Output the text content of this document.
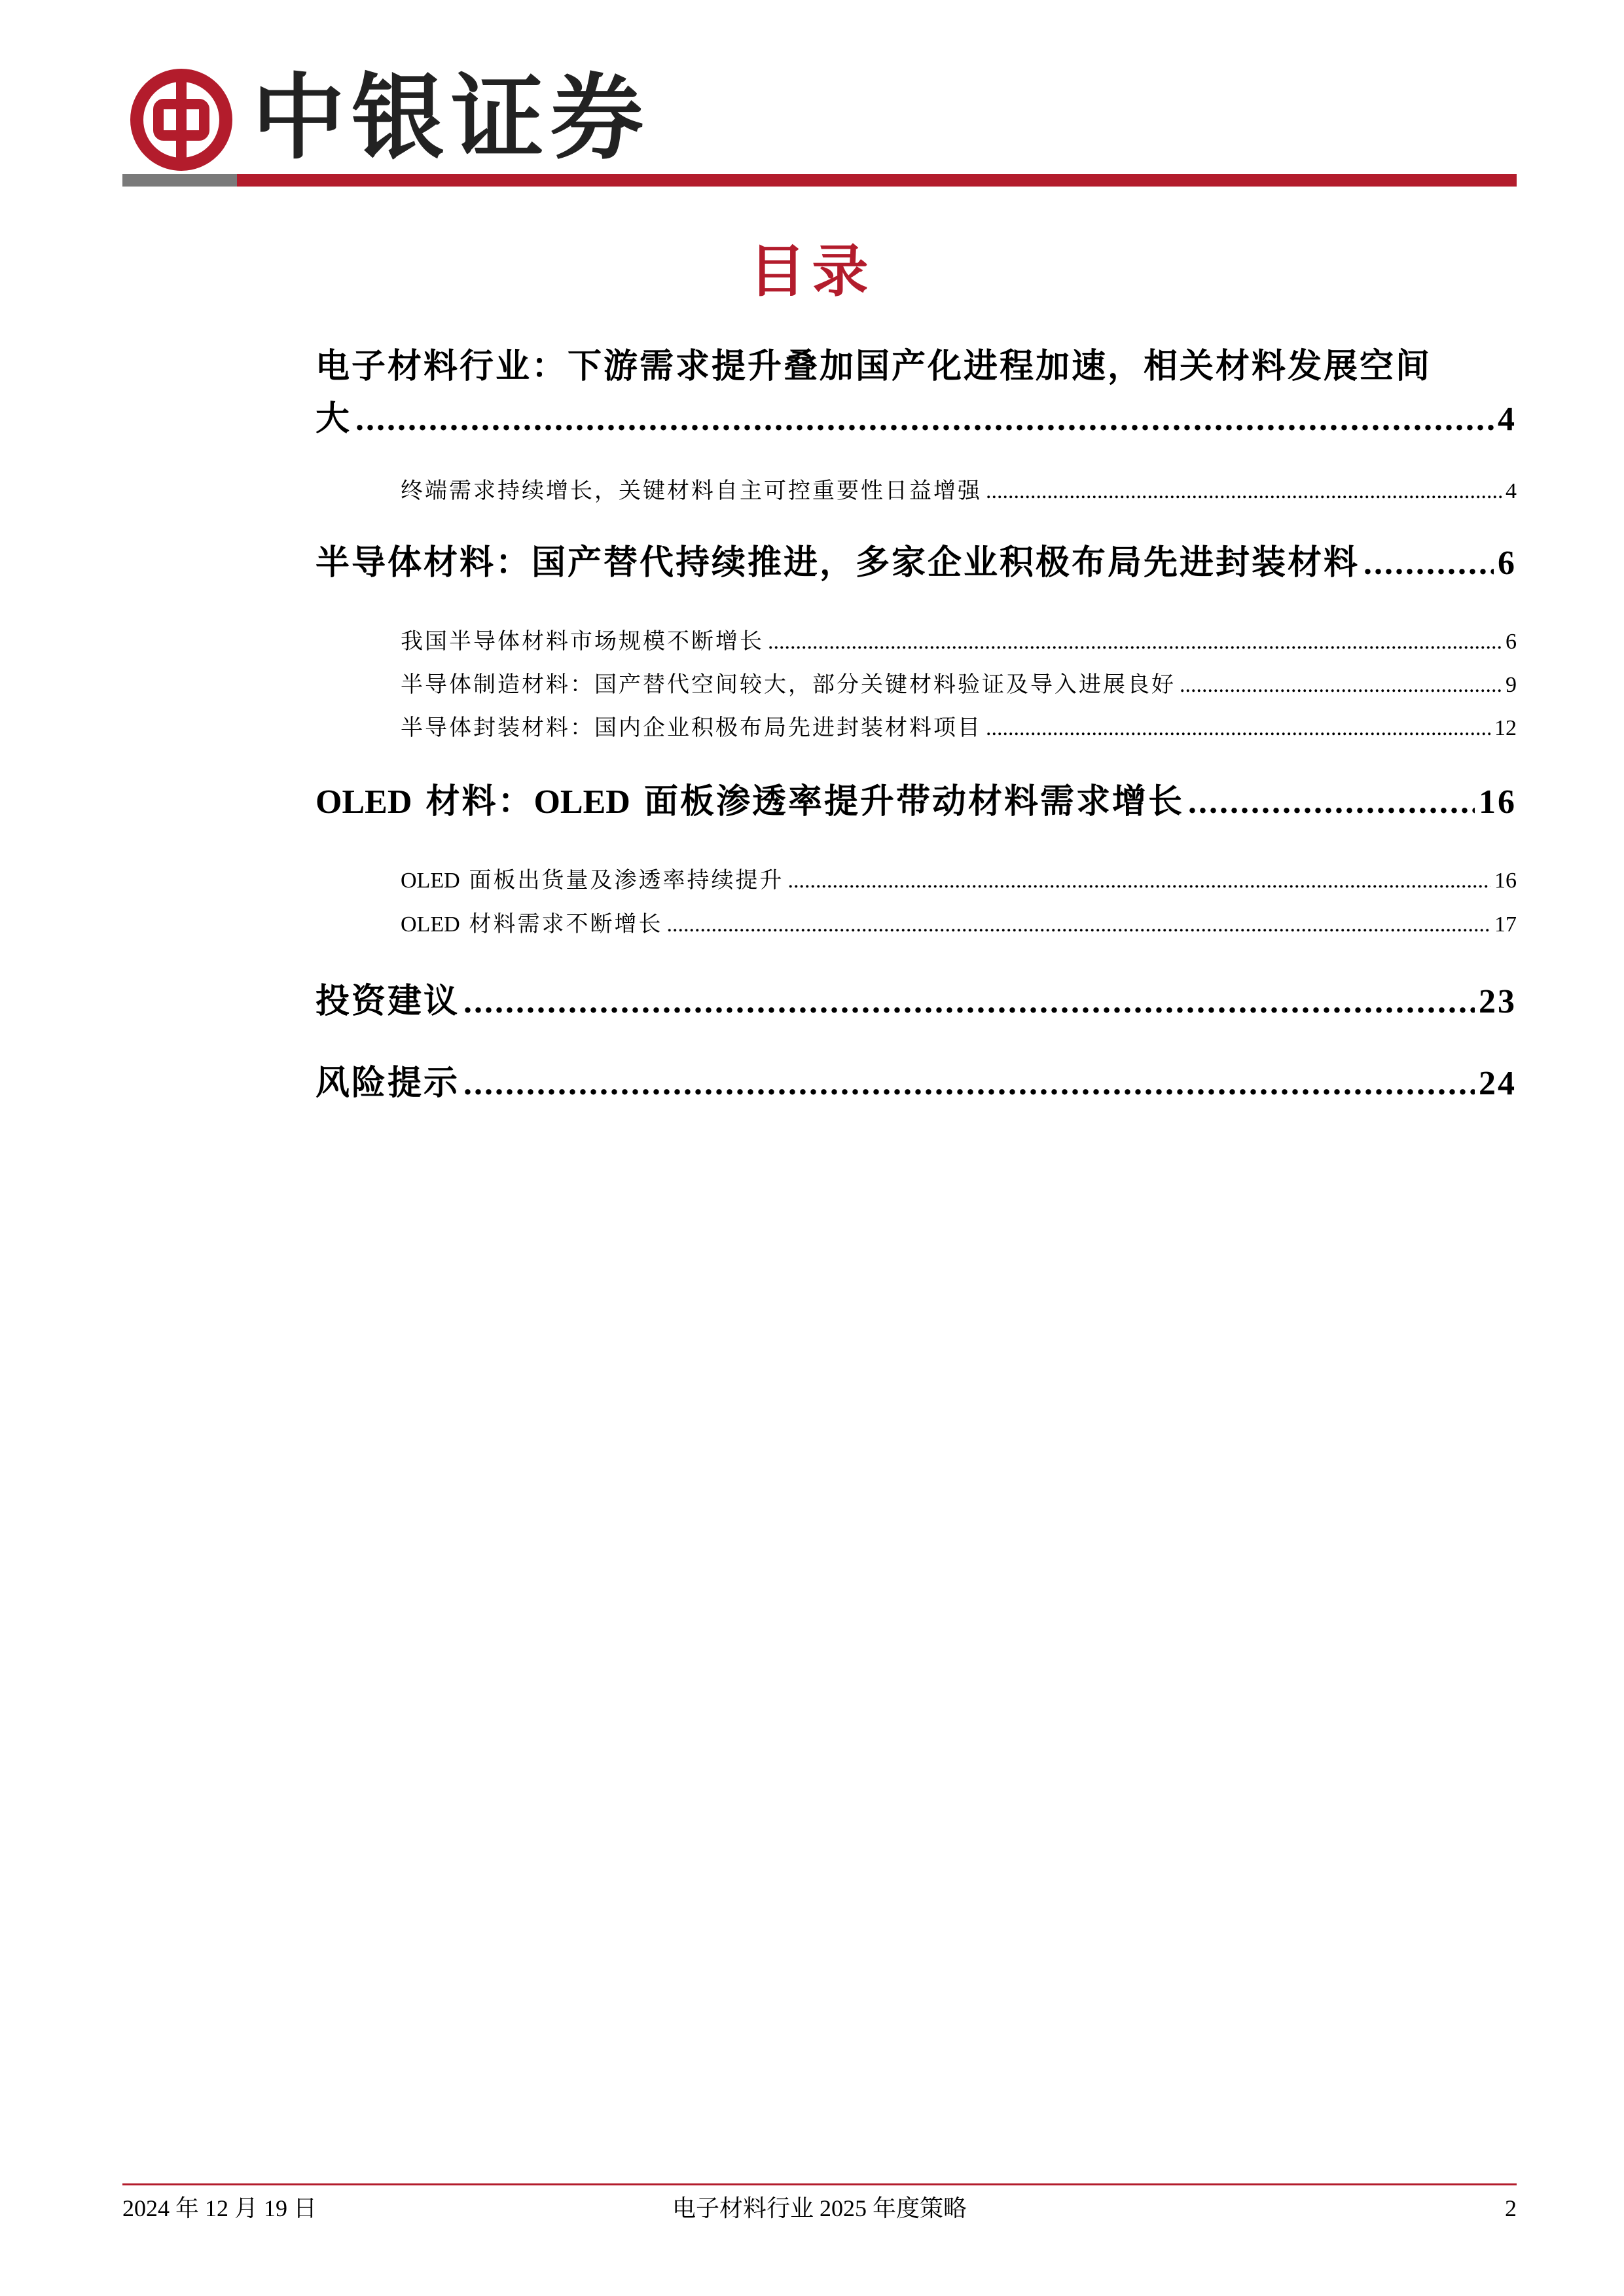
中银证券
目录
电子材料行业：下游需求提升叠加国产化进程加速，相关材料发展空间
大 .....	4
终端需求持续增长，关键材料自主可控重要性日益增强 .....	4
半导体材料：国产替代持续推进，多家企业积极布局先进封装材料 .....	6
我国半导体材料市场规模不断增长 .....	6
半导体制造材料：国产替代空间较大，部分关键材料验证及导入进展良好 .....	9
半导体封装材料：国内企业积极布局先进封装材料项目 .....	12
OLED 材料：OLED 面板渗透率提升带动材料需求增长 .....	16
OLED 面板出货量及渗透率持续提升 .....	16
OLED 材料需求不断增长 .....	17
投资建议 .....	23
风险提示 .....	24
2024 年 12 月 19 日	电子材料行业 2025 年度策略	2
